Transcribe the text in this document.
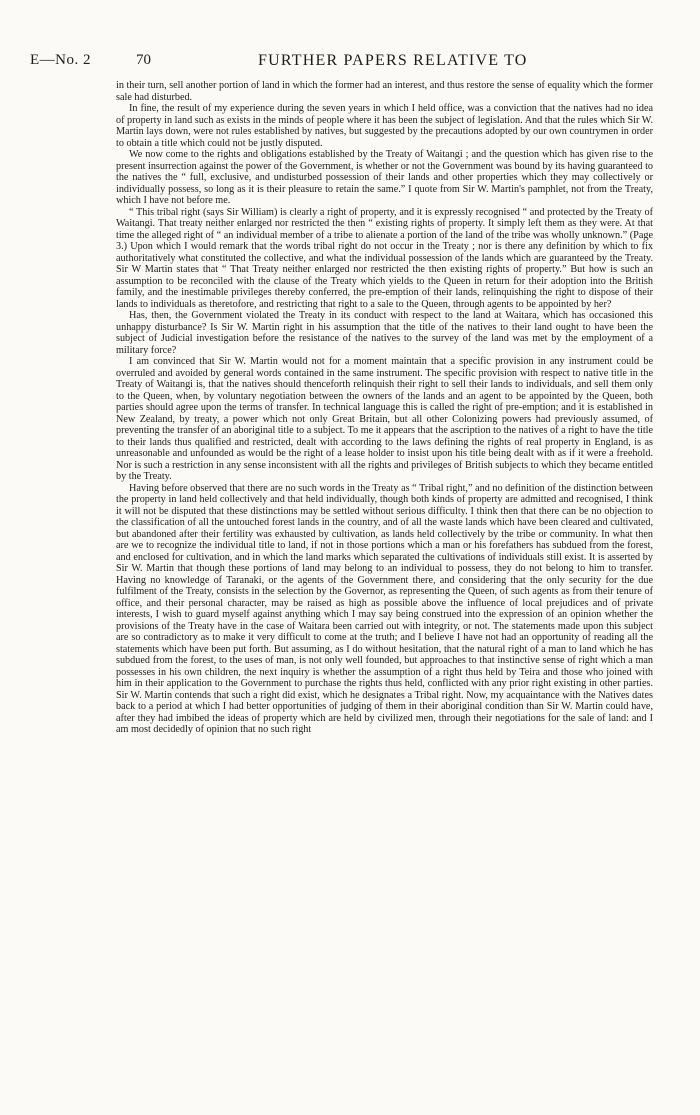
E—No. 2	70	FURTHER PAPERS RELATIVE TO

in their turn, sell another portion of land in which the former had an interest, and thus restore the sense of equality which the former sale had disturbed.

In fine, the result of my experience during the seven years in which I held office, was a conviction that the natives had no idea of property in land such as exists in the minds of people where it has been the subject of legislation. And that the rules which Sir W. Martin lays down, were not rules established by natives, but suggested by the precautions adopted by our own countrymen in order to obtain a title which could not be justly disputed.

We now come to the rights and obligations established by the Treaty of Waitangi ; and the question which has given rise to the present insurrection against the power of the Government, is whether or not the Government was bound by its having guaranteed to the natives the “ full, exclusive, and undisturbed possession of their lands and other properties which they may collectively or individually possess, so long as it is their pleasure to retain the same.” I quote from Sir W. Martin's pamphlet, not from the Treaty, which I have not before me.

“ This tribal right (says Sir William) is clearly a right of property, and it is expressly recognised “ and protected by the Treaty of Waitangi. That treaty neither enlarged nor restricted the then “ existing rights of property. It simply left them as they were. At that time the alleged right of “ an individual member of a tribe to alienate a portion of the land of the tribe was wholly unknown.” (Page 3.) Upon which I would remark that the words tribal right do not occur in the Treaty ; nor is there any definition by which to fix authoritatively what constituted the collective, and what the individual possession of the lands which are guaranteed by the Treaty. Sir W Martin states that “ That Treaty neither enlarged nor restricted the then existing rights of property.” But how is such an assumption to be reconciled with the clause of the Treaty which yields to the Queen in return for their adoption into the British family, and the inestimable privileges thereby conferred, the pre-emption of their lands, relinquishing the right to dispose of their lands to individuals as theretofore, and restricting that right to a sale to the Queen, through agents to be appointed by her?

Has, then, the Government violated the Treaty in its conduct with respect to the land at Waitara, which has occasioned this unhappy disturbance? Is Sir W. Martin right in his assumption that the title of the natives to their land ought to have been the subject of Judicial investigation before the resistance of the natives to the survey of the land was met by the employment of a military force?

I am convinced that Sir W. Martin would not for a moment maintain that a specific provision in any instrument could be overruled and avoided by general words contained in the same instrument. The specific provision with respect to native title in the Treaty of Waitangi is, that the natives should thenceforth relinquish their right to sell their lands to individuals, and sell them only to the Queen, when, by voluntary negotiation between the owners of the lands and an agent to be appointed by the Queen, both parties should agree upon the terms of transfer. In technical language this is called the right of pre-emption; and it is established in New Zealand, by treaty, a power which not only Great Britain, but all other Colonizing powers had previously assumed, of preventing the transfer of an aboriginal title to a subject. To me it appears that the ascription to the natives of a right to have the title to their lands thus qualified and restricted, dealt with according to the laws defining the rights of real property in England, is as unreasonable and unfounded as would be the right of a lease holder to insist upon his title being dealt with as if it were a freehold. Nor is such a restriction in any sense inconsistent with all the rights and privileges of British subjects to which they became entitled by the Treaty.

Having before observed that there are no such words in the Treaty as “ Tribal right,” and no definition of the distinction between the property in land held collectively and that held individually, though both kinds of property are admitted and recognised, I think it will not be disputed that these distinctions may be settled without serious difficulty. I think then that there can be no objection to the classification of all the untouched forest lands in the country, and of all the waste lands which have been cleared and cultivated, but abandoned after their fertility was exhausted by cultivation, as lands held collectively by the tribe or community. In what then are we to recognize the individual title to land, if not in those portions which a man or his forefathers has subdued from the forest, and enclosed for cultivation, and in which the land marks which separated the cultivations of individuals still exist. It is asserted by Sir W. Martin that though these portions of land may belong to an individual to possess, they do not belong to him to transfer. Having no knowledge of Taranaki, or the agents of the Government there, and considering that the only security for the due fulfilment of the Treaty, consists in the selection by the Governor, as representing the Queen, of such agents as from their tenure of office, and their personal character, may be raised as high as possible above the influence of local prejudices and of private interests, I wish to guard myself against anything which I may say being construed into the expression of an opinion whether the provisions of the Treaty have in the case of Waitara been carried out with integrity, or not. The statements made upon this subject are so contradictory as to make it very difficult to come at the truth; and I believe I have not had an opportunity of reading all the statements which have been put forth. But assuming, as I do without hesitation, that the natural right of a man to land which he has subdued from the forest, to the uses of man, is not only well founded, but approaches to that instinctive sense of right which a man possesses in his own children, the next inquiry is whether the assumption of a right thus held by Teira and those who joined with him in their application to the Government to purchase the rights thus held, conflicted with any prior right existing in other parties. Sir W. Martin contends that such a right did exist, which he designates a Tribal right. Now, my acquaintance with the Natives dates back to a period at which I had better opportunities of judging of them in their aboriginal condition than Sir W. Martin could have, after they had imbibed the ideas of property which are held by civilized men, through their negotiations for the sale of land: and I am most decidedly of opinion that no such right
